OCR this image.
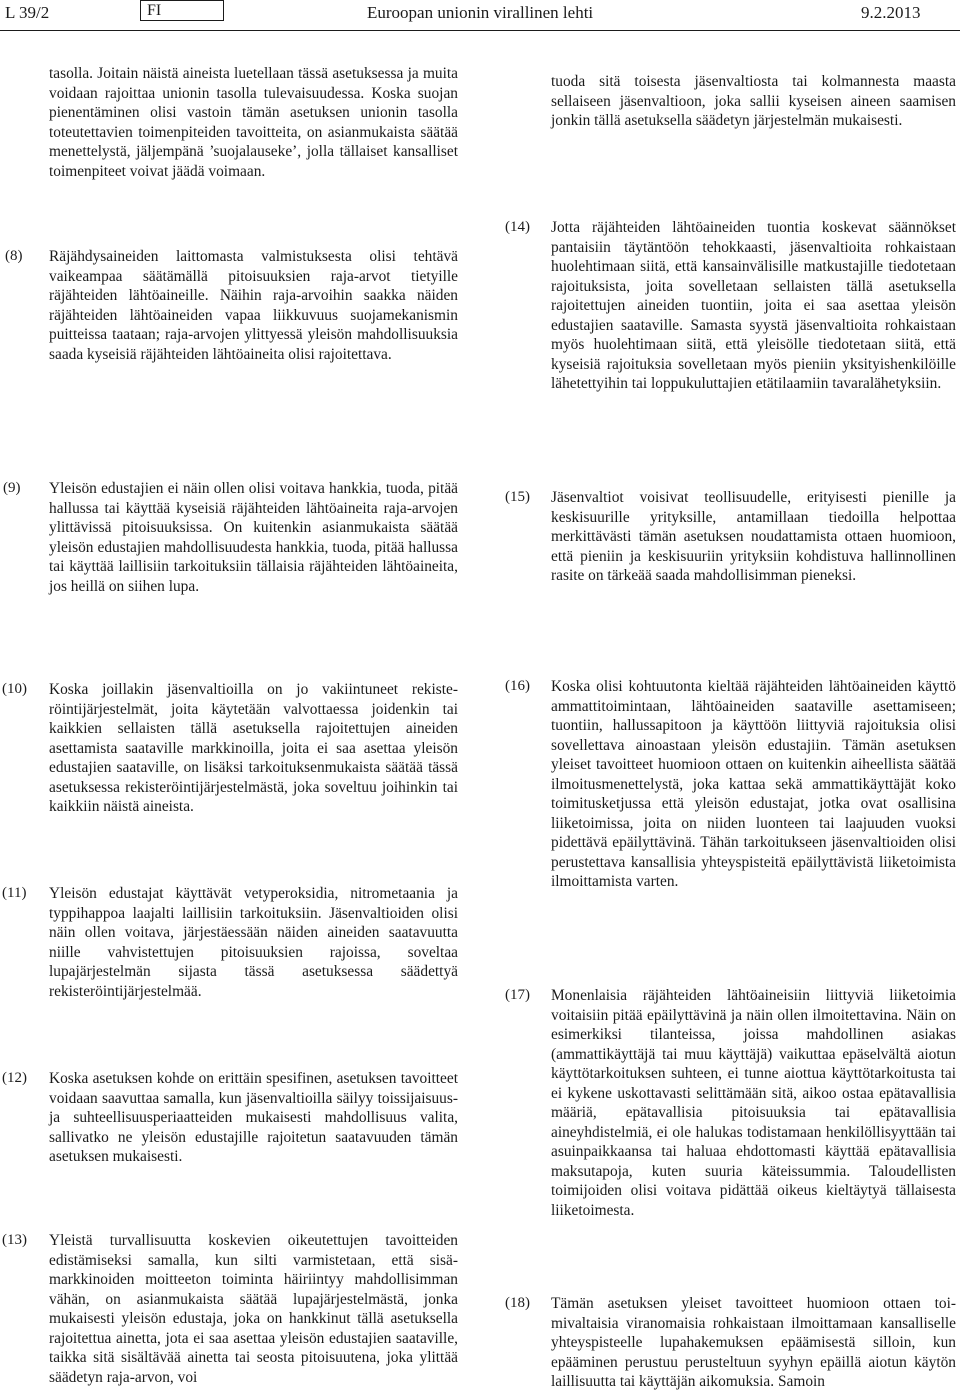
L 39/2	FI	Euroopan unionin virallinen lehti	9.2.2013
tasolla. Joitain näistä aineista luetellaan tässä asetuksessa ja muita voidaan rajoittaa unionin tasolla tulevaisuudessa. Koska suojan pienentäminen olisi vastoin tämän asetuksen unionin tasolla toteutettavien toimenpiteiden tavoitteita, on asianmukaista säätää menettelystä, jäljempänä ’suojalauseke’, jolla tällaiset kansalliset toimenpiteet voivat jäädä voimaan.
(8) Räjähdysaineiden laittomasta valmistuksesta olisi tehtävä vaikeampaa säätämällä pitoisuuksien raja-arvot tietyille räjähteiden lähtöaineille. Näihin raja-arvoihin saakka näiden räjähteiden lähtöaineiden vapaa liikkuvuus suojamekanismin puitteissa taataan; raja-arvojen ylittyessä yleisön mahdollisuuksia saada kyseisiä räjähteiden lähtöaineita olisi rajoitettava.
(9) Yleisön edustajien ei näin ollen olisi voitava hankkia, tuoda, pitää hallussa tai käyttää kyseisiä räjähteiden lähtöaineita raja-arvojen ylittävissä pitoisuuksissa. On kuitenkin asianmukaista säätää yleisön edustajien mahdollisuudesta hankkia, tuoda, pitää hallussa tai käyttää laillisiin tarkoituksiin tällaisia räjähteiden lähtöaineita, jos heillä on siihen lupa.
(10) Koska joillakin jäsenvaltioilla on jo vakiintuneet rekisteröintijärjestelmät, joita käytetään valvottaessa joidenkin tai kaikkien sellaisten tällä asetuksella rajoitettujen aineiden asettamista saataville markkinoilla, joita ei saa asettaa yleisön edustajien saataville, on lisäksi tarkoituksenmukaista säätää tässä asetuksessa rekisteröintijärjestelmästä, joka soveltuu joihinkin tai kaikkiin näistä aineista.
(11) Yleisön edustajat käyttävät vetyperoksidia, nitrometaania ja typpihappoa laajalti laillisiin tarkoituksiin. Jäsenvaltioiden olisi näin ollen voitava, järjestäessään näiden aineiden saatavuutta niille vahvistettujen pitoisuuksien rajoissa, soveltaa lupajärjestelmän sijasta tässä asetuksessa säädettyä rekisteröintijärjestelmää.
(12) Koska asetuksen kohde on erittäin spesifinen, asetuksen tavoitteet voidaan saavuttaa samalla, kun jäsenvaltioilla säilyy toissijaisuus- ja suhteellisuusperiaatteiden mukaisesti mahdollisuus valita, sallivatko ne yleisön edustajille rajoitetun saatavuuden tämän asetuksen mukaisesti.
(13) Yleistä turvallisuutta koskevien oikeutettujen tavoitteiden edistämiseksi samalla, kun silti varmistetaan, että sisämarkkinoiden moitteeton toiminta häiriintyy mahdollisimman vähän, on asianmukaista säätää lupajärjestelmästä, jonka mukaisesti yleisön edustaja, joka on hankkinut tällä asetuksella rajoitettua ainetta, jota ei saa asettaa yleisön edustajien saataville, taikka sitä sisältävää ainetta tai seosta pitoisuutena, joka ylittää säädetyn raja-arvon, voi
tuoda sitä toisesta jäsenvaltiosta tai kolmannesta maasta sellaiseen jäsenvaltioon, joka sallii kyseisen aineen saamisen jonkin tällä asetuksella säädetyn järjestelmän mukaisesti.
(14) Jotta räjähteiden lähtöaineiden tuontia koskevat säännökset pantaisiin täytäntöön tehokkaasti, jäsenvaltioita rohkaistaan huolehtimaan siitä, että kansainvälisille matkustajille tiedotetaan rajoituksista, joita sovelletaan sellaisten tällä asetuksella rajoitettujen aineiden tuontiin, joita ei saa asettaa yleisön edustajien saataville. Samasta syystä jäsenvaltioita rohkaistaan myös huolehtimaan siitä, että yleisölle tiedotetaan siitä, että kyseisiä rajoituksia sovelletaan myös pieniin yksityishenkilöille lähetettyihin tai loppukuluttajien etätilaamiin tavaralähetyksiin.
(15) Jäsenvaltiot voisivat teollisuudelle, erityisesti pienille ja keskisuurille yrityksille, antamillaan tiedoilla helpottaa merkittävästi tämän asetuksen noudattamista ottaen huomioon, että pieniin ja keskisuuriin yrityksiin kohdistuva hallinnollinen rasite on tärkeää saada mahdollisimman pieneksi.
(16) Koska olisi kohtuutonta kieltää räjähteiden lähtöaineiden käyttö ammattitoimintaan, lähtöaineiden saataville asettamiseen; tuontiin, hallussapitoon ja käyttöön liittyviä rajoituksia olisi sovellettava ainoastaan yleisön edustajiin. Tämän asetuksen yleiset tavoitteet huomioon ottaen on kuitenkin aiheellista säätää ilmoitusmenettelystä, joka kattaa sekä ammattikäyttäjät koko toimitusketjussa että yleisön edustajat, jotka ovat osallisina liiketoimissa, joita on niiden luonteen tai laajuuden vuoksi pidettävä epäilyttävinä. Tähän tarkoitukseen jäsenvaltioiden olisi perustettava kansallisia yhteyspisteitä epäilyttävistä liiketoimista ilmoittamista varten.
(17) Monenlaisia räjähteiden lähtöaineisiin liittyviä liiketoimia voitaisiin pitää epäilyttävinä ja näin ollen ilmoitettavina. Näin on esimerkiksi tilanteissa, joissa mahdollinen asiakas (ammattikäyttäjä tai muu käyttäjä) vaikuttaa epäselvältä aiotun käyttötarkoituksen suhteen, ei tunne aiottua käyttötarkoitusta tai ei kykene uskottavasti selittämään sitä, aikoo ostaa epätavallisia määriä, epätavallisia pitoisuuksia tai epätavallisia aineyhdistelmiä, ei ole halukas todistamaan henkilöllisyyttään tai asuinpaikkaansa tai haluaa ehdottomasti käyttää epätavallisia maksutapoja, kuten suuria käteissummia. Taloudellisten toimijoiden olisi voitava pidättää oikeus kieltäytyä tällaisesta liiketoimesta.
(18) Tämän asetuksen yleiset tavoitteet huomioon ottaen toimivaltaisia viranomaisia rohkaistaan ilmoittamaan kansalliselle yhteyspisteelle lupahakemuksen epäämisestä silloin, kun epääminen perustuu perusteltuun syyhyn epäillä aiotun käytön laillisuutta tai käyttäjän aikomuksia. Samoin
